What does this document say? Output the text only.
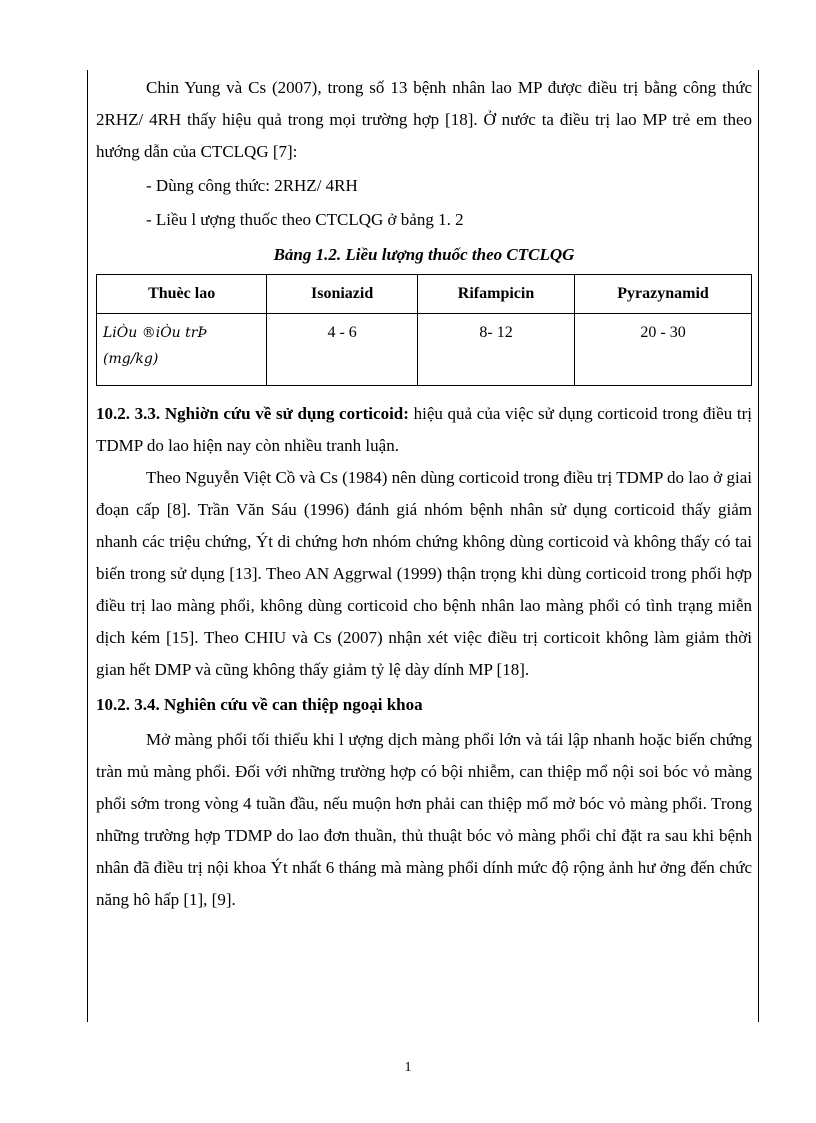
Chin Yung và Cs (2007), trong số 13 bệnh nhân lao MP được điều trị bằng công thức 2RHZ/ 4RH thấy hiệu quả trong mọi trường hợp [18]. Ở nước ta điều trị lao MP trẻ em theo hướng dẫn của CTCLQG [7]:

- Dùng công thức: 2RHZ/ 4RH

- Liều l ượng thuốc theo CTCLQG ở bảng 1. 2

Bảng 1.2. Liều lượng thuốc theo CTCLQG
Thuèc lao	Isoniazid	Rifampicin	Pyrazynamid
LiÒu ®iÒu trÞ (mg/kg)	4 - 6	8- 12	20 - 30

10.2. 3.3. Nghiờn cứu về sử dụng corticoid: hiệu quả của việc sử dụng corticoid trong điều trị TDMP do lao hiện nay còn nhiều tranh luận.

Theo Nguyễn Việt Cồ và Cs (1984) nên dùng corticoid trong điều trị TDMP do lao ở giai đoạn cấp [8]. Trần Văn Sáu (1996) đánh giá nhóm bệnh nhân sử dụng corticoid thấy giảm nhanh các triệu chứng, Ýt di chứng hơn nhóm chứng không dùng corticoid và không thấy có tai biến trong sử dụng [13]. Theo AN Aggrwal (1999) thận trọng khi dùng corticoid trong phối hợp điều trị lao màng phổi, không dùng corticoid cho bệnh nhân lao màng phổi có tình trạng miễn dịch kém [15]. Theo CHIU và Cs (2007) nhận xét việc điều trị corticoit không làm giảm thời gian hết DMP và cũng không thấy giảm tỷ lệ dày dính MP [18].

10.2. 3.4. Nghiên cứu về can thiệp ngoại khoa

Mở màng phổi tối thiểu khi l ượng dịch màng phổi lớn và tái lập nhanh hoặc biến chứng tràn mủ màng phổi. Đối với những trường hợp có bội nhiễm, can thiệp mổ nội soi bóc vỏ màng phổi sớm trong vòng 4 tuần đầu, nếu muộn hơn phải can thiệp mổ mở bóc vỏ màng phổi. Trong những trường hợp TDMP do lao đơn thuần, thủ thuật bóc vỏ màng phổi chỉ đặt ra sau khi bệnh nhân đã điều trị nội khoa Ýt nhất 6 tháng mà màng phổi dính mức độ rộng ảnh hư ởng đến chức năng hô hấp [1], [9].

1
